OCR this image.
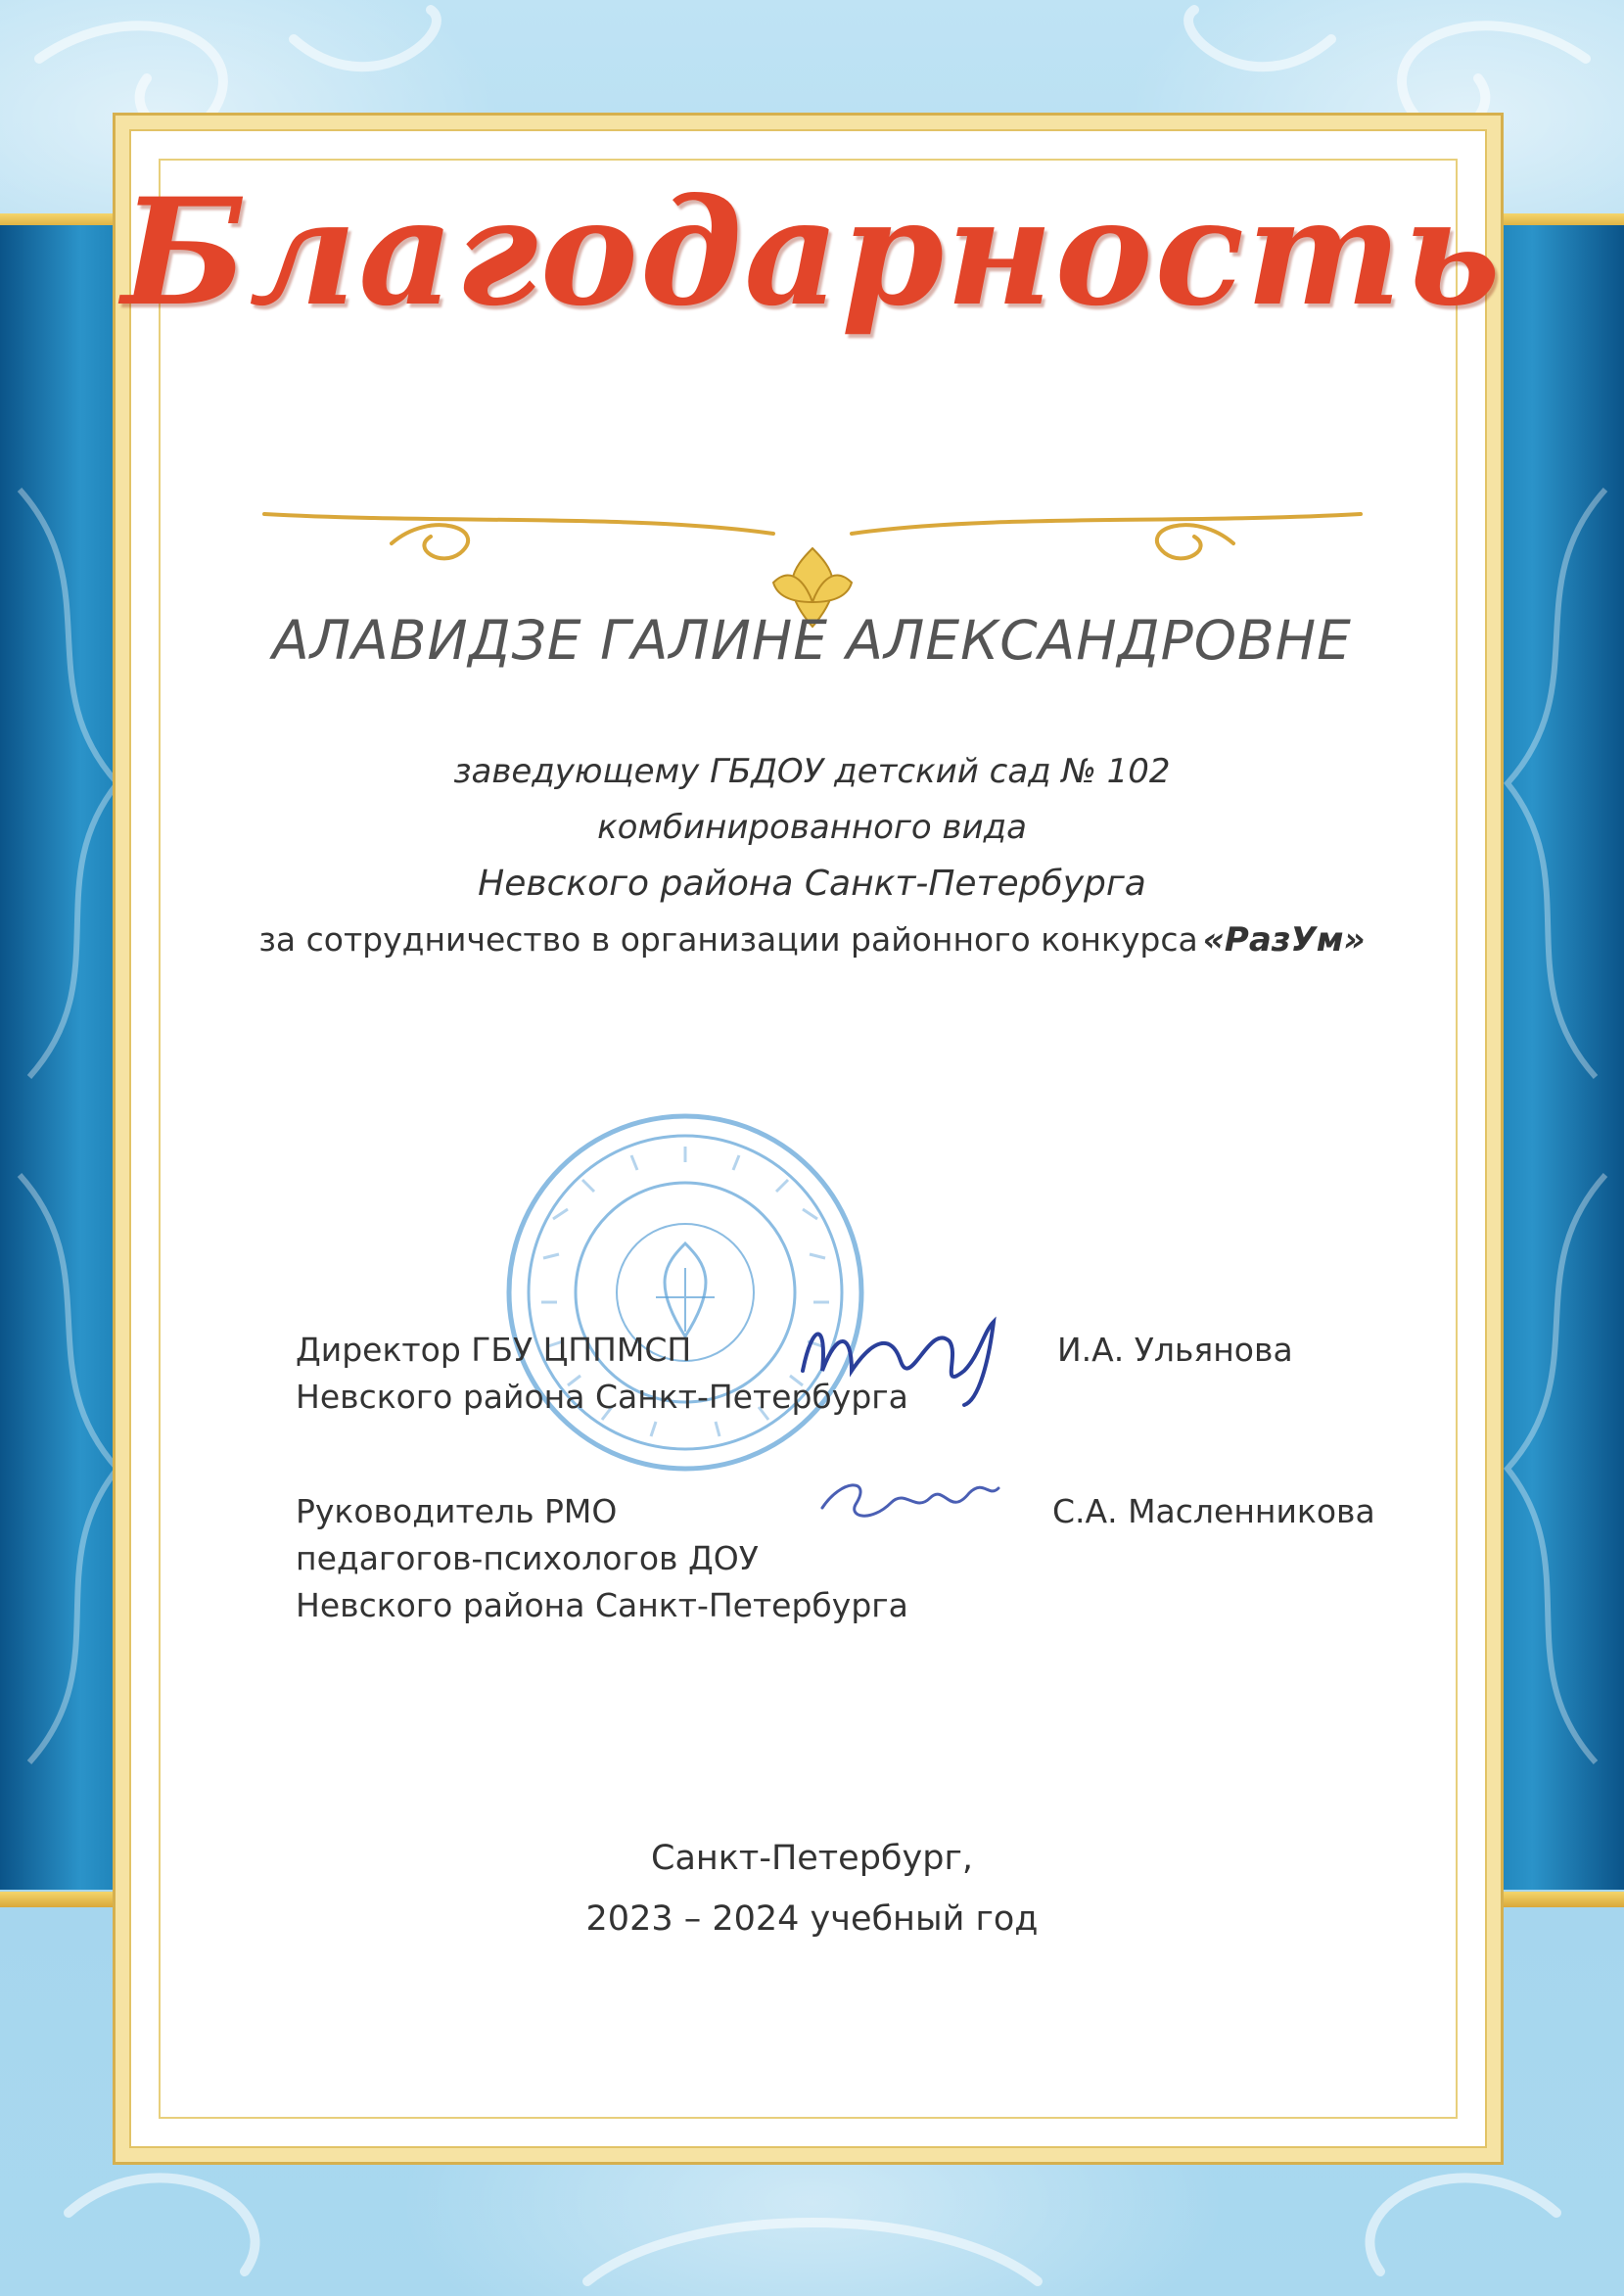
Благодарность
АЛАВИДЗЕ ГАЛИНЕ АЛЕКСАНДРОВНЕ
заведующему ГБДОУ детский сад № 102
комбинированного вида
Невского района Санкт-Петербурга
за сотрудничество в организации районного конкурса «РазУм»
Директор ГБУ ЦППМСП
Невского района Санкт-Петербурга
И.А. Ульянова
Руководитель РМО
педагогов-психологов ДОУ
Невского района Санкт-Петербурга
С.А. Масленникова
Санкт-Петербург,
2023 – 2024 учебный год
